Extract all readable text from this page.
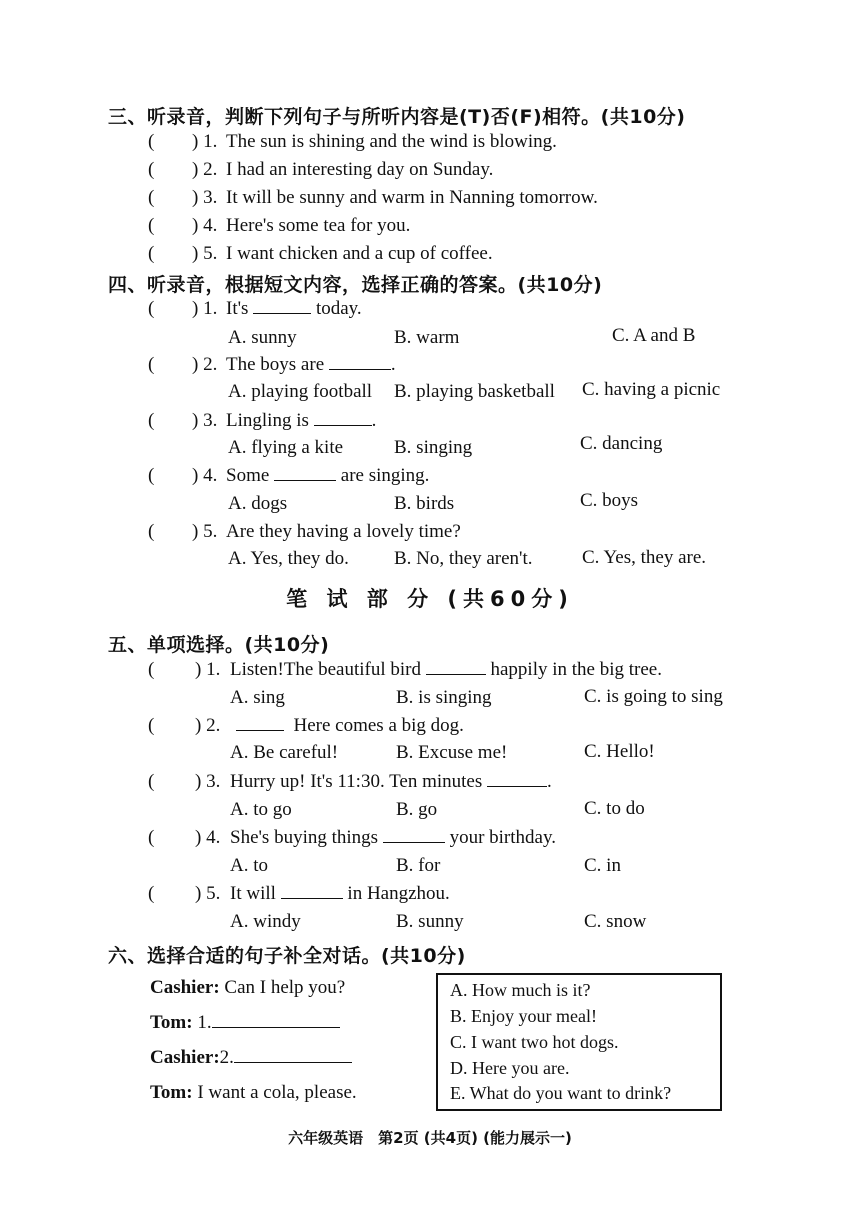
三、听录音，判断下列句子与所听内容是(T)否(F)相符。(共10分)
( ) 1. The sun is shining and the wind is blowing.
( ) 2. I had an interesting day on Sunday.
( ) 3. It will be sunny and warm in Nanning tomorrow.
( ) 4. Here's some tea for you.
( ) 5. I want chicken and a cup of coffee.
四、听录音，根据短文内容，选择正确的答案。(共10分)
( ) 1. It's	today.
A. sunny	B. warm	C. A and B
( ) 2. The boys are	.
A. playing football B. playing basketball C. having a picnic
( ) 3. Lingling is	.
A. flying a kite	B. singing	C. dancing
( ) 4. Some	are singing.
A. dogs	B. birds	C. boys
( ) 5. Are they having a lovely time?
A. Yes, they do. B. No, they aren't.	C. Yes, they are.
笔 试 部 分 (共60分)
五、单项选择。(共10分)
( ) 1. Listen!The beautiful bird	happily in the big tree.
A. sing	B. is singing	C. is going to sing
( ) 2.	Here comes a big dog.
A. Be careful!	B. Excuse me!	C. Hello!
( ) 3. Hurry up! It's 11:30. Ten minutes	.
A. to go	B. go	C. to do
( ) 4. She's buying things	your birthday.
A. to	B. for	C. in
( ) 5. It will	in Hangzhou.
A. windy	B. sunny	C. snow
六、选择合适的句子补全对话。(共10分)
Cashier: Can I help you?
Tom: 1.
Cashier:2.
Tom: I want a cola, please.
A. How much is it?
B. Enjoy your meal!
C. I want two hot dogs.
D. Here you are.
E. What do you want to drink?
六年级英语　第2页 (共4页) (能力展示一)
